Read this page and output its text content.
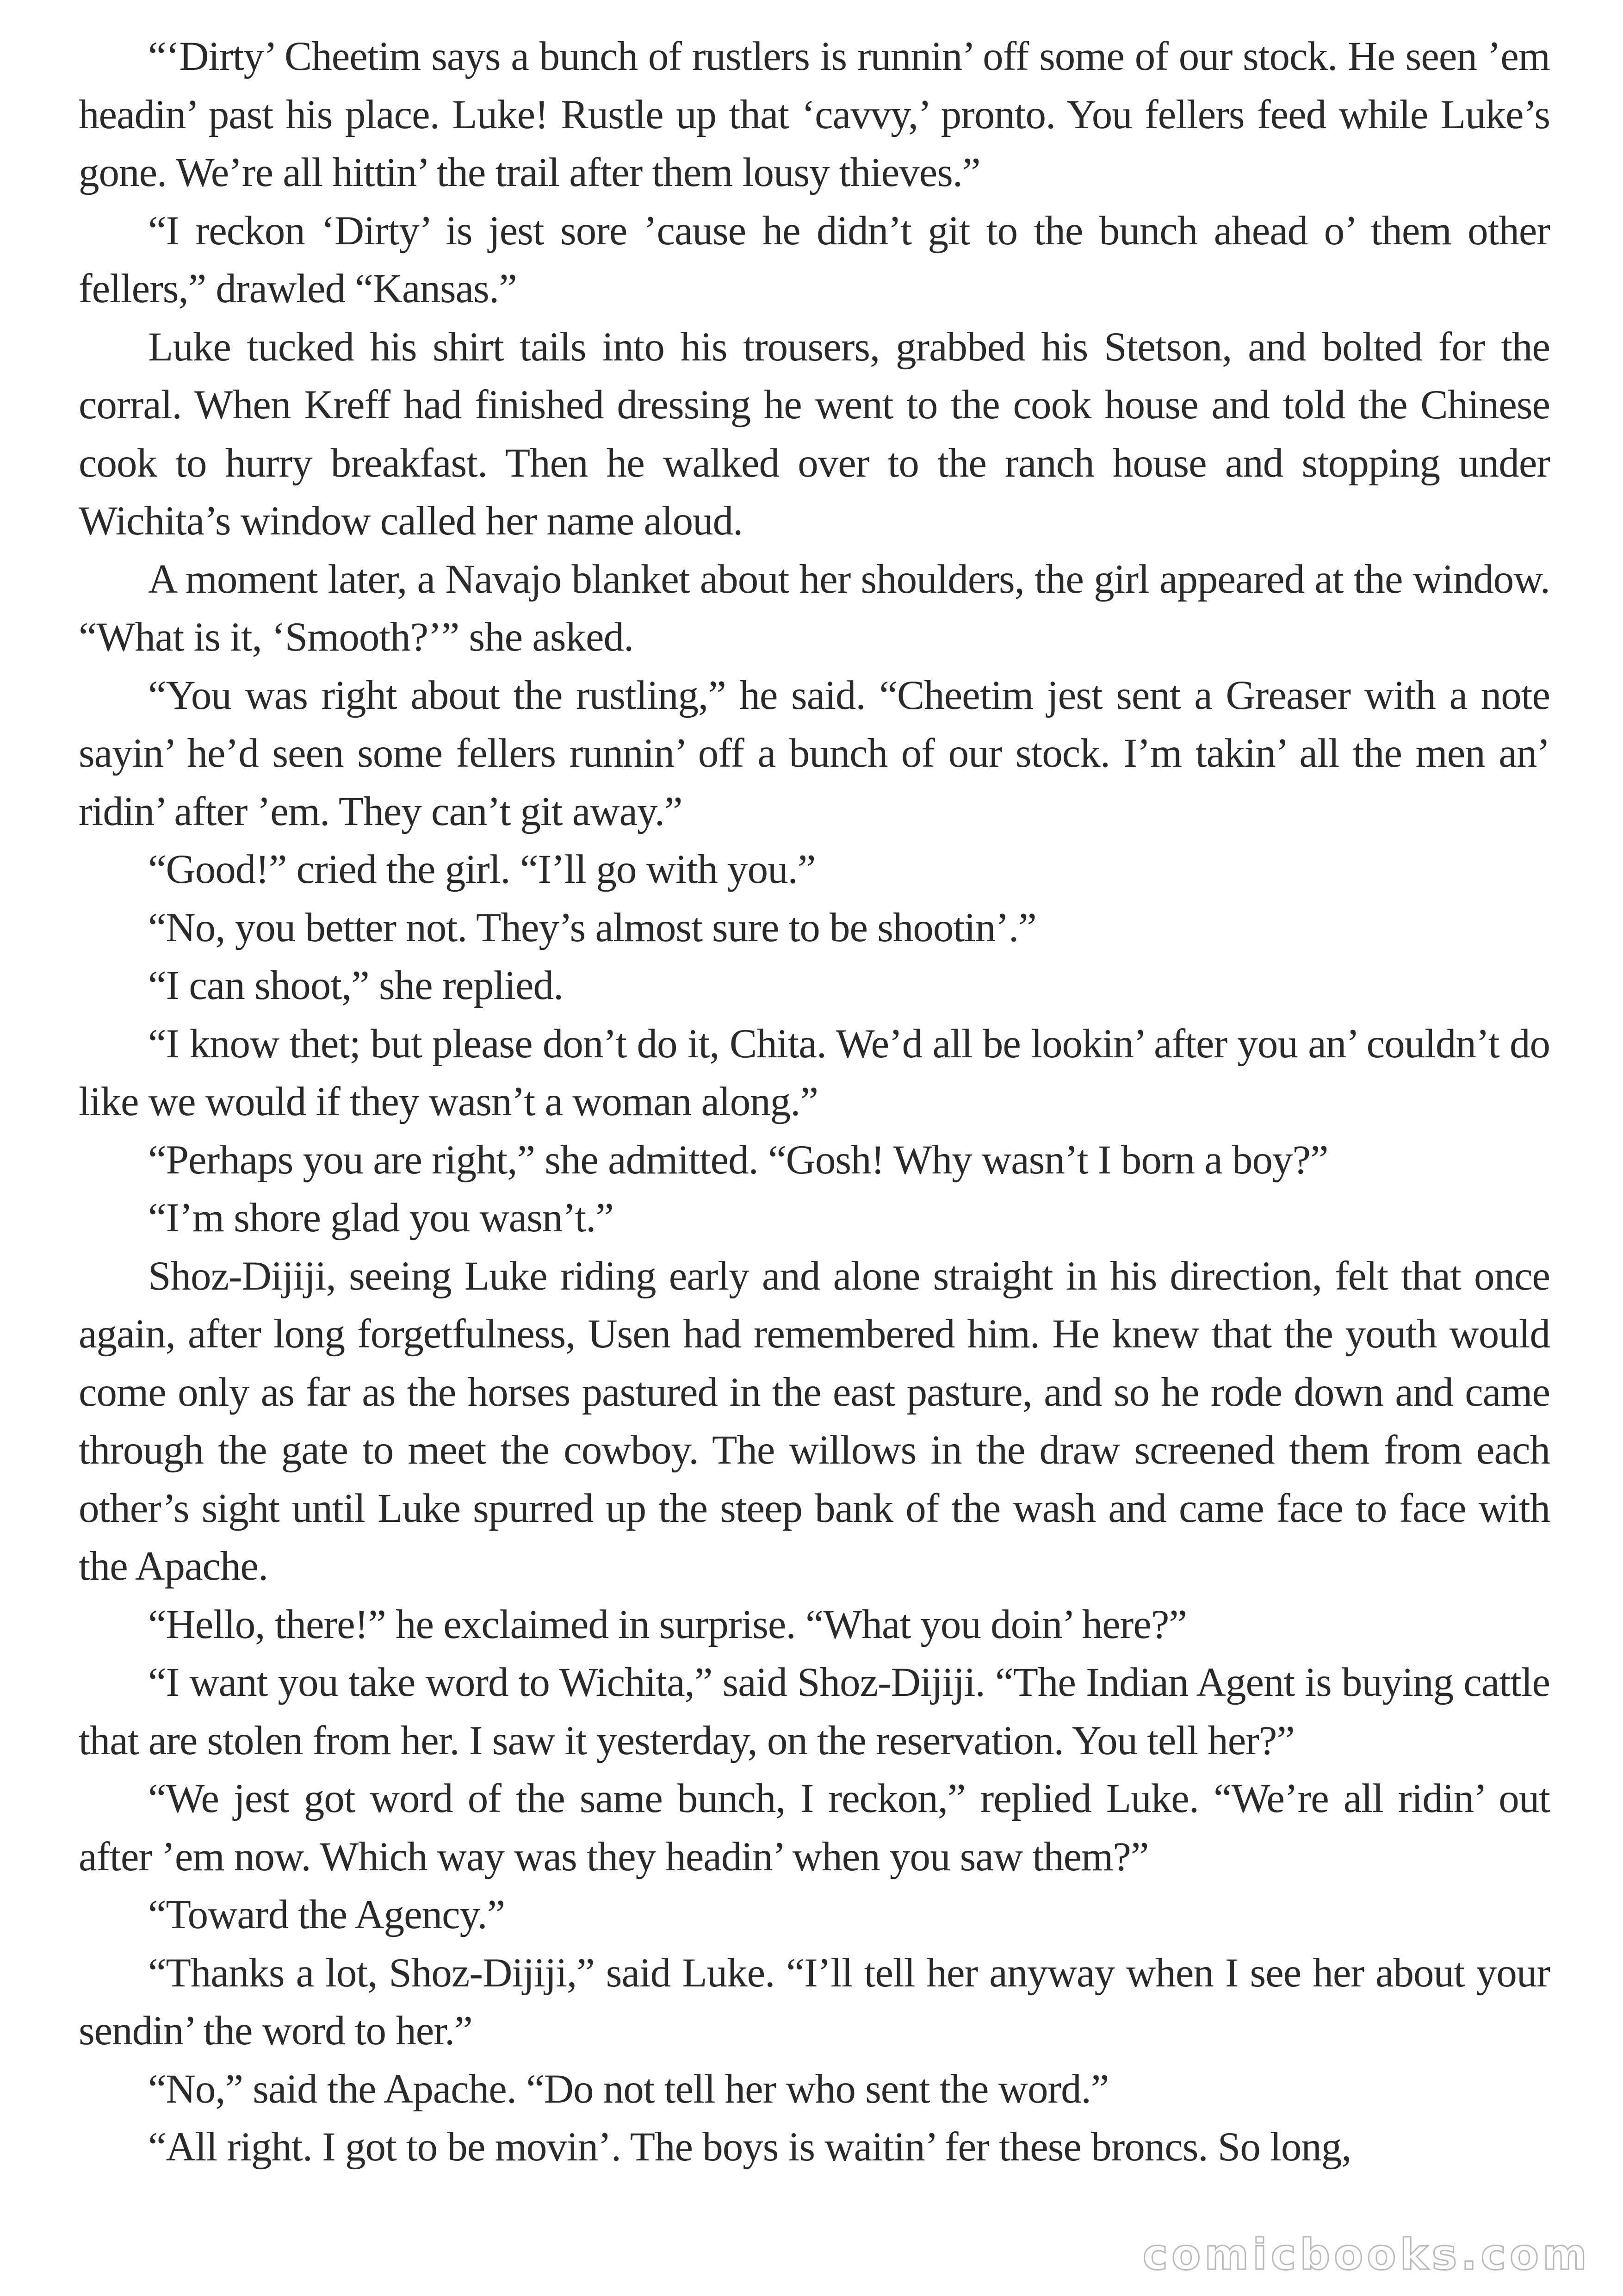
“‘Dirty’ Cheetim says a bunch of rustlers is runnin’ off some of our stock. He seen ’em headin’ past his place. Luke! Rustle up that ‘cavvy,’ pronto. You fellers feed while Luke’s gone. We’re all hittin’ the trail after them lousy thieves.”

“I reckon ‘Dirty’ is jest sore ’cause he didn’t git to the bunch ahead o’ them other fellers,” drawled “Kansas.”

Luke tucked his shirt tails into his trousers, grabbed his Stetson, and bolted for the corral. When Kreff had finished dressing he went to the cook house and told the Chinese cook to hurry breakfast. Then he walked over to the ranch house and stopping under Wichita’s window called her name aloud.

A moment later, a Navajo blanket about her shoulders, the girl appeared at the window. “What is it, ‘Smooth?’” she asked.

“You was right about the rustling,” he said. “Cheetim jest sent a Greaser with a note sayin’ he’d seen some fellers runnin’ off a bunch of our stock. I’m takin’ all the men an’ ridin’ after ’em. They can’t git away.”

“Good!” cried the girl. “I’ll go with you.”

“No, you better not. They’s almost sure to be shootin’.”

“I can shoot,” she replied.

“I know thet; but please don’t do it, Chita. We’d all be lookin’ after you an’ couldn’t do like we would if they wasn’t a woman along.”

“Perhaps you are right,” she admitted. “Gosh! Why wasn’t I born a boy?”

“I’m shore glad you wasn’t.”

Shoz-Dijiji, seeing Luke riding early and alone straight in his direction, felt that once again, after long forgetfulness, Usen had remembered him. He knew that the youth would come only as far as the horses pastured in the east pasture, and so he rode down and came through the gate to meet the cowboy. The willows in the draw screened them from each other’s sight until Luke spurred up the steep bank of the wash and came face to face with the Apache.

“Hello, there!” he exclaimed in surprise. “What you doin’ here?”

“I want you take word to Wichita,” said Shoz-Dijiji. “The Indian Agent is buying cattle that are stolen from her. I saw it yesterday, on the reservation. You tell her?”

“We jest got word of the same bunch, I reckon,” replied Luke. “We’re all ridin’ out after ’em now. Which way was they headin’ when you saw them?”

“Toward the Agency.”

“Thanks a lot, Shoz-Dijiji,” said Luke. “I’ll tell her anyway when I see her about your sendin’ the word to her.”

“No,” said the Apache. “Do not tell her who sent the word.”

“All right. I got to be movin’. The boys is waitin’ fer these broncs. So long,

comicbooks.com
